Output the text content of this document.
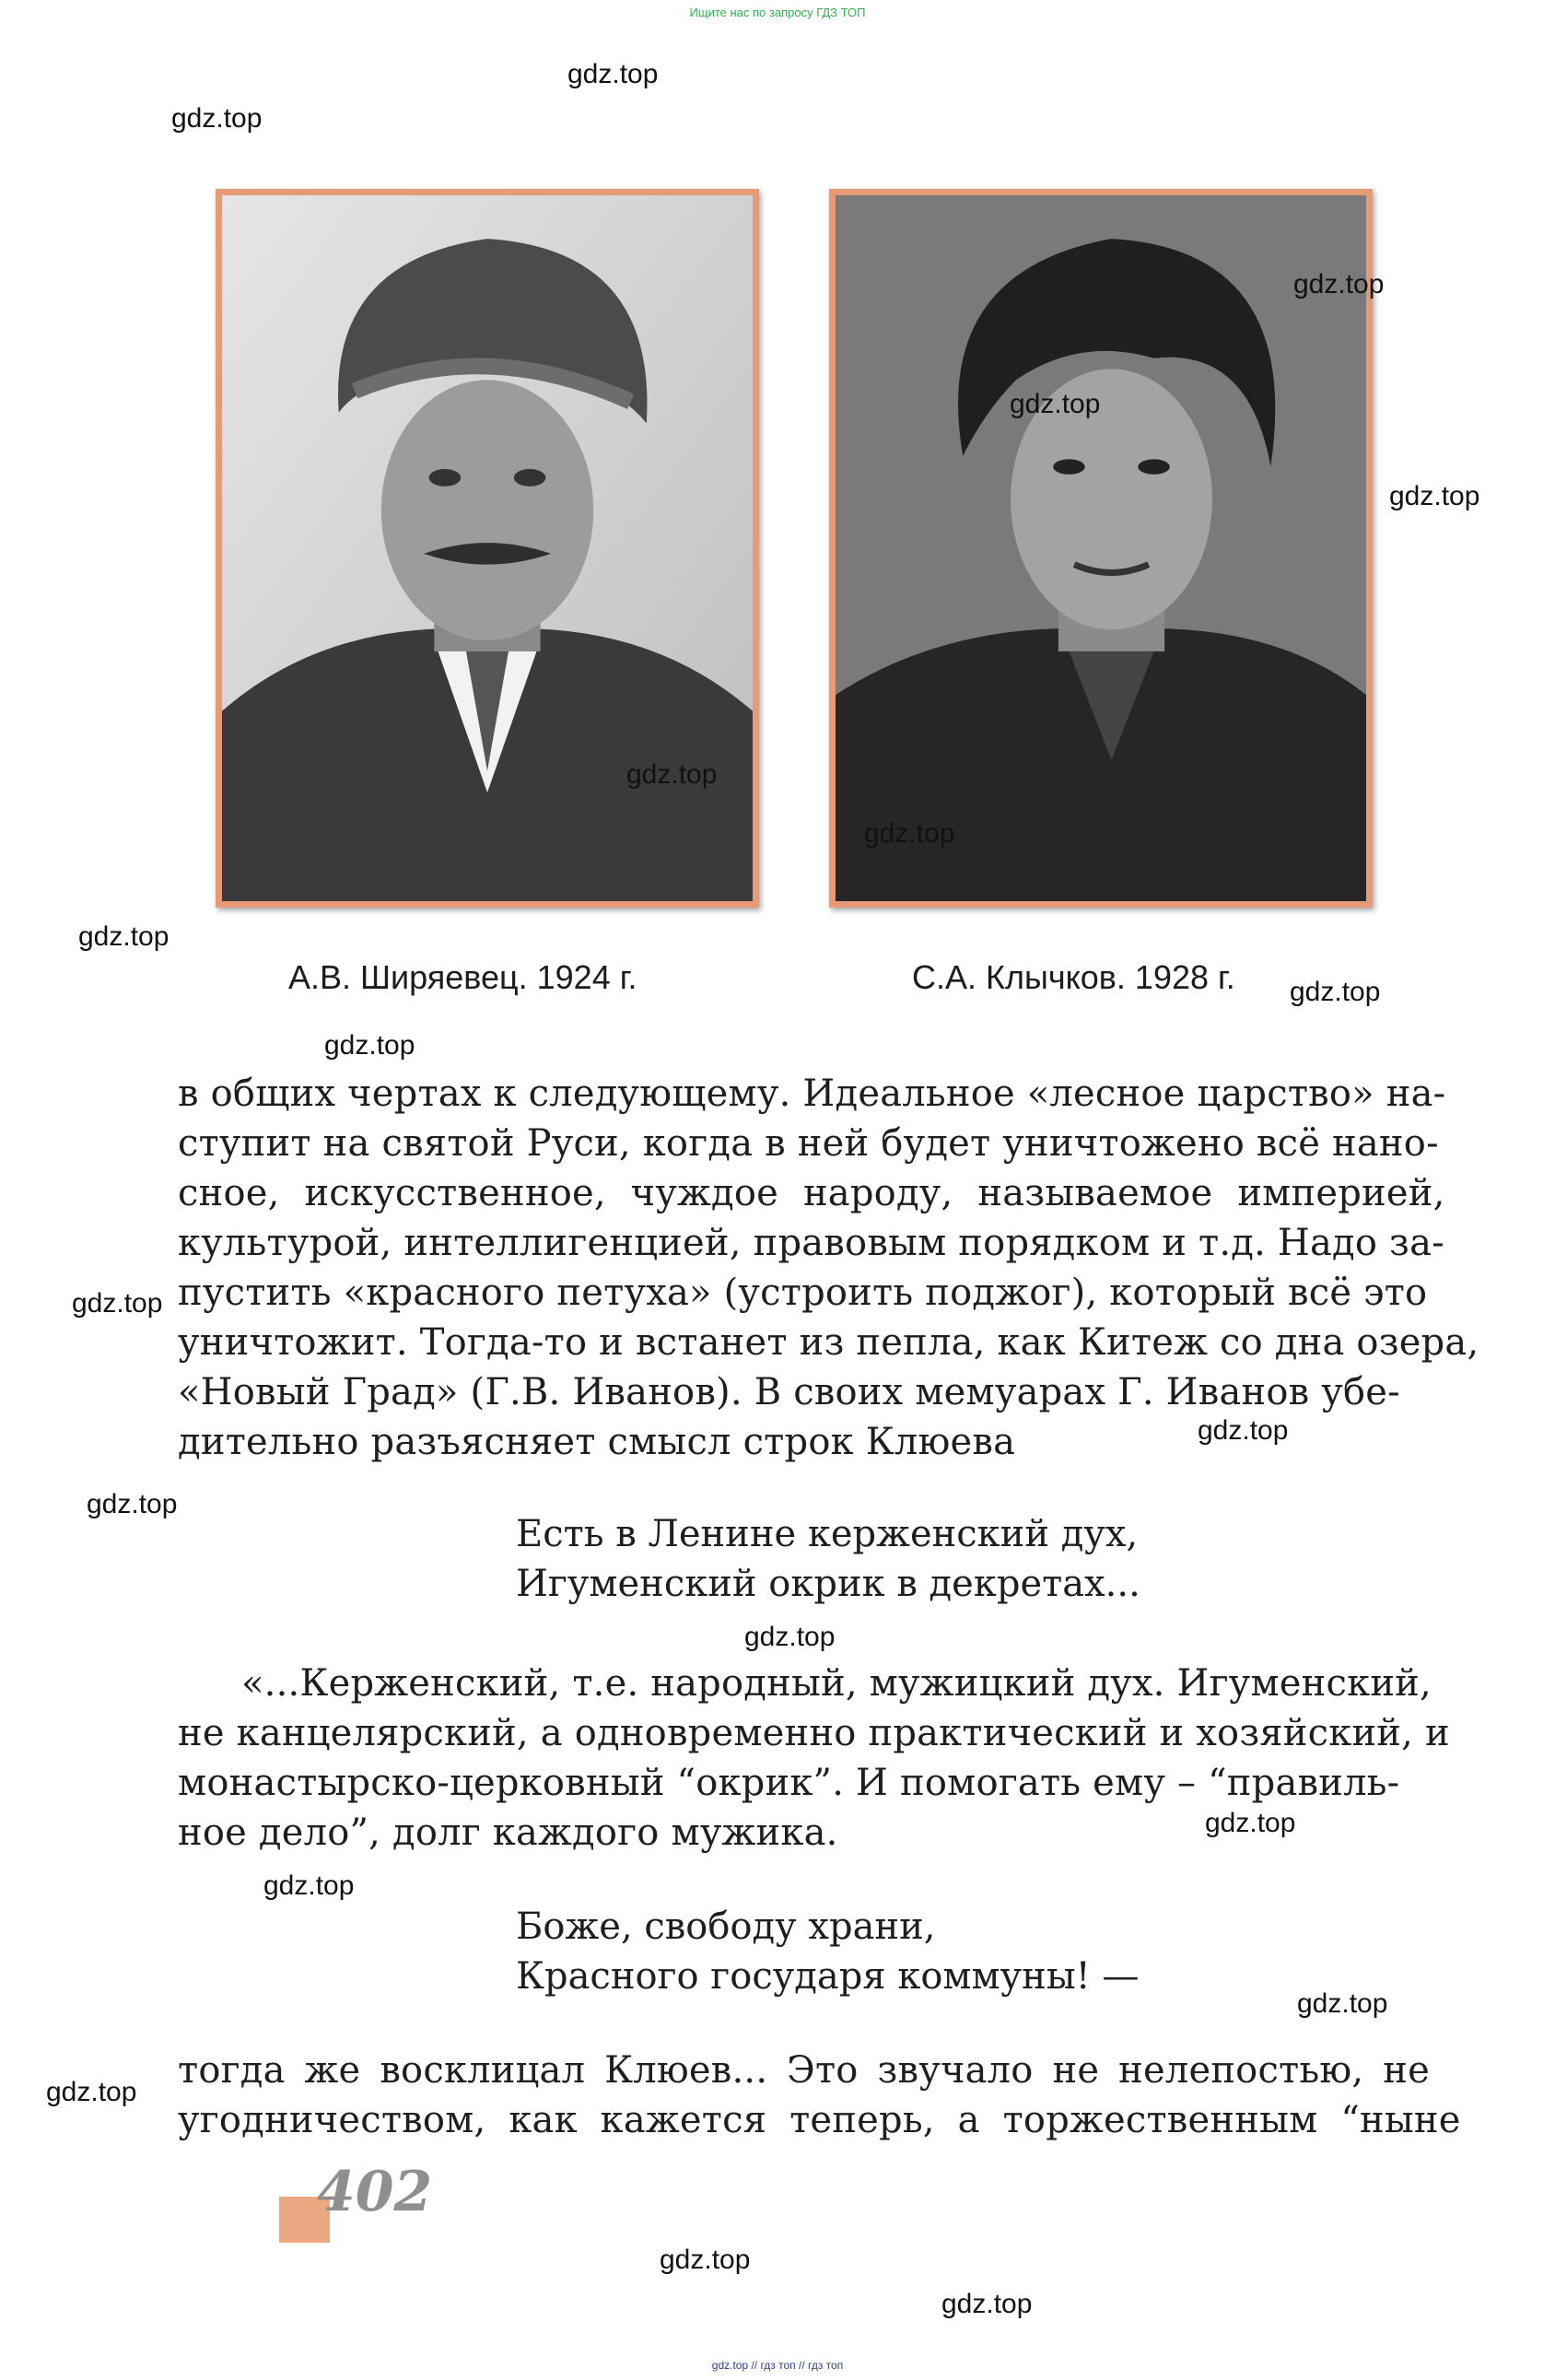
Ищите нас по запросу ГДЗ ТОП
А.В. Ширяевец. 1924 г.	С.А. Клычков. 1928 г.
в общих чертах к следующему. Идеальное «лесное царство» на-
ступит на святой Руси, когда в ней будет уничтожено всё нано-
сное, искусственное, чуждое народу, называемое империей,
культурой, интеллигенцией, правовым порядком и т.д. Надо за-
пустить «красного петуха» (устроить поджог), который всё это
уничтожит. Тогда-то и встанет из пепла, как Китеж со дна озера,
«Новый Град» (Г.В. Иванов). В своих мемуарах Г. Иванов убе-
дительно разъясняет смысл строк Клюева
Есть в Ленине керженский дух,
Игуменский окрик в декретах...
«...Керженский, т.е. народный, мужицкий дух. Игуменский,
не канцелярский, а одновременно практический и хозяйский, и
монастырско-церковный “окрик”. И помогать ему – “правиль-
ное дело”, долг каждого мужика.
Боже, свободу храни,
Красного государя коммуны! —
тогда же восклицал Клюев... Это звучало не нелепостью, не
угодничеством, как кажется теперь, а торжественным “ныне
402
gdz.top
gdz.top
gdz.top
gdz.top
gdz.top
gdz.top
gdz.top
gdz.top
gdz.top
gdz.top
gdz.top
gdz.top
gdz.top
gdz.top
gdz.top
gdz.top
gdz.top
gdz.top
gdz.top
gdz.top
gdz.top // гдз топ // гдз топ
